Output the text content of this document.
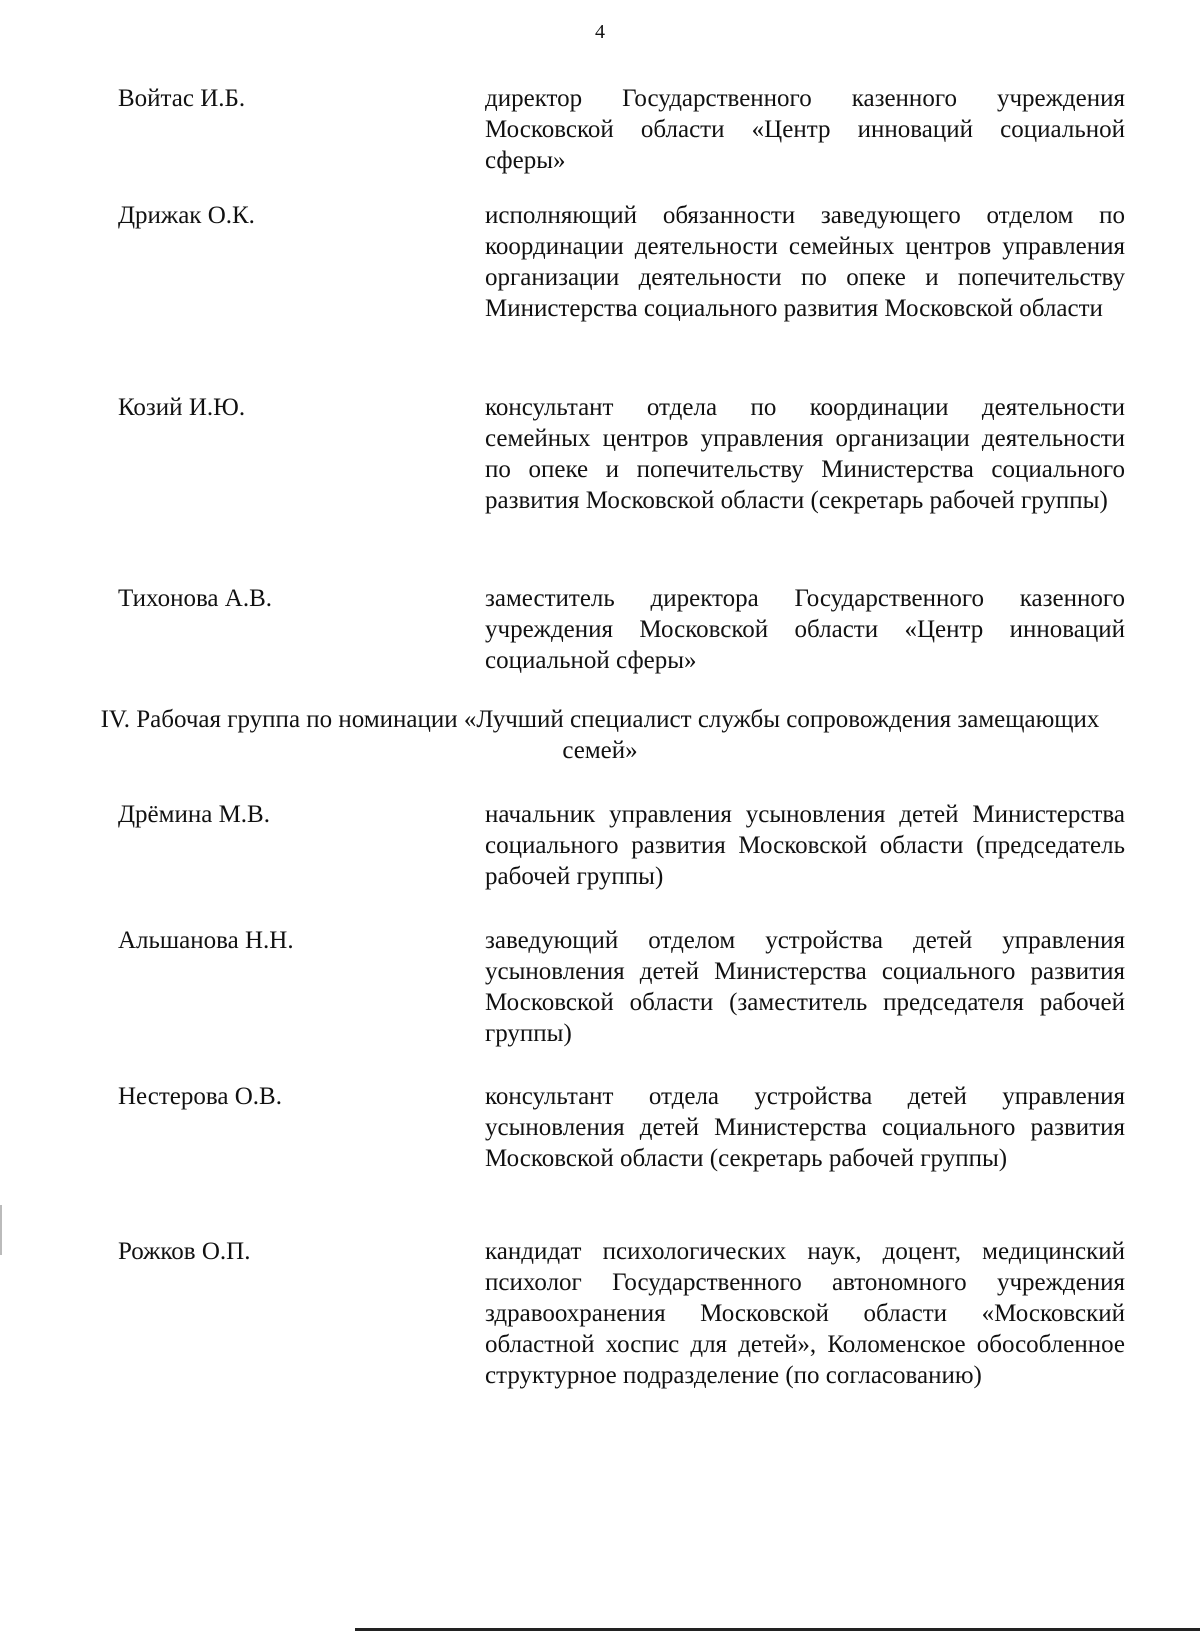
4
Войтас И.Б.	директор Государственного казенного учреждения Московской области «Центр инноваций социальной сферы»
Дрижак О.К.	исполняющий обязанности заведующего отделом по координации деятельности семейных центров управления организации деятельности по опеке и попечительству Министерства социального развития Московской области
Козий И.Ю.	консультант отдела по координации деятельности семейных центров управления организации деятельности по опеке и попечительству Министерства социального развития Московской области (секретарь рабочей группы)
Тихонова А.В.	заместитель директора Государственного казенного учреждения Московской области «Центр инноваций социальной сферы»
IV. Рабочая группа по номинации «Лучший специалист службы сопровождения замещающих семей»
Дрёмина М.В.	начальник управления усыновления детей Министерства социального развития Московской области (председатель рабочей группы)
Альшанова Н.Н.	заведующий отделом устройства детей управления усыновления детей Министерства социального развития Московской области (заместитель председателя рабочей группы)
Нестерова О.В.	консультант отдела устройства детей управления усыновления детей Министерства социального развития Московской области (секретарь рабочей группы)
Рожков О.П.	кандидат психологических наук, доцент, медицинский психолог Государственного автономного учреждения здравоохранения Московской области «Московский областной хоспис для детей», Коломенское обособленное структурное подразделение (по согласованию)
